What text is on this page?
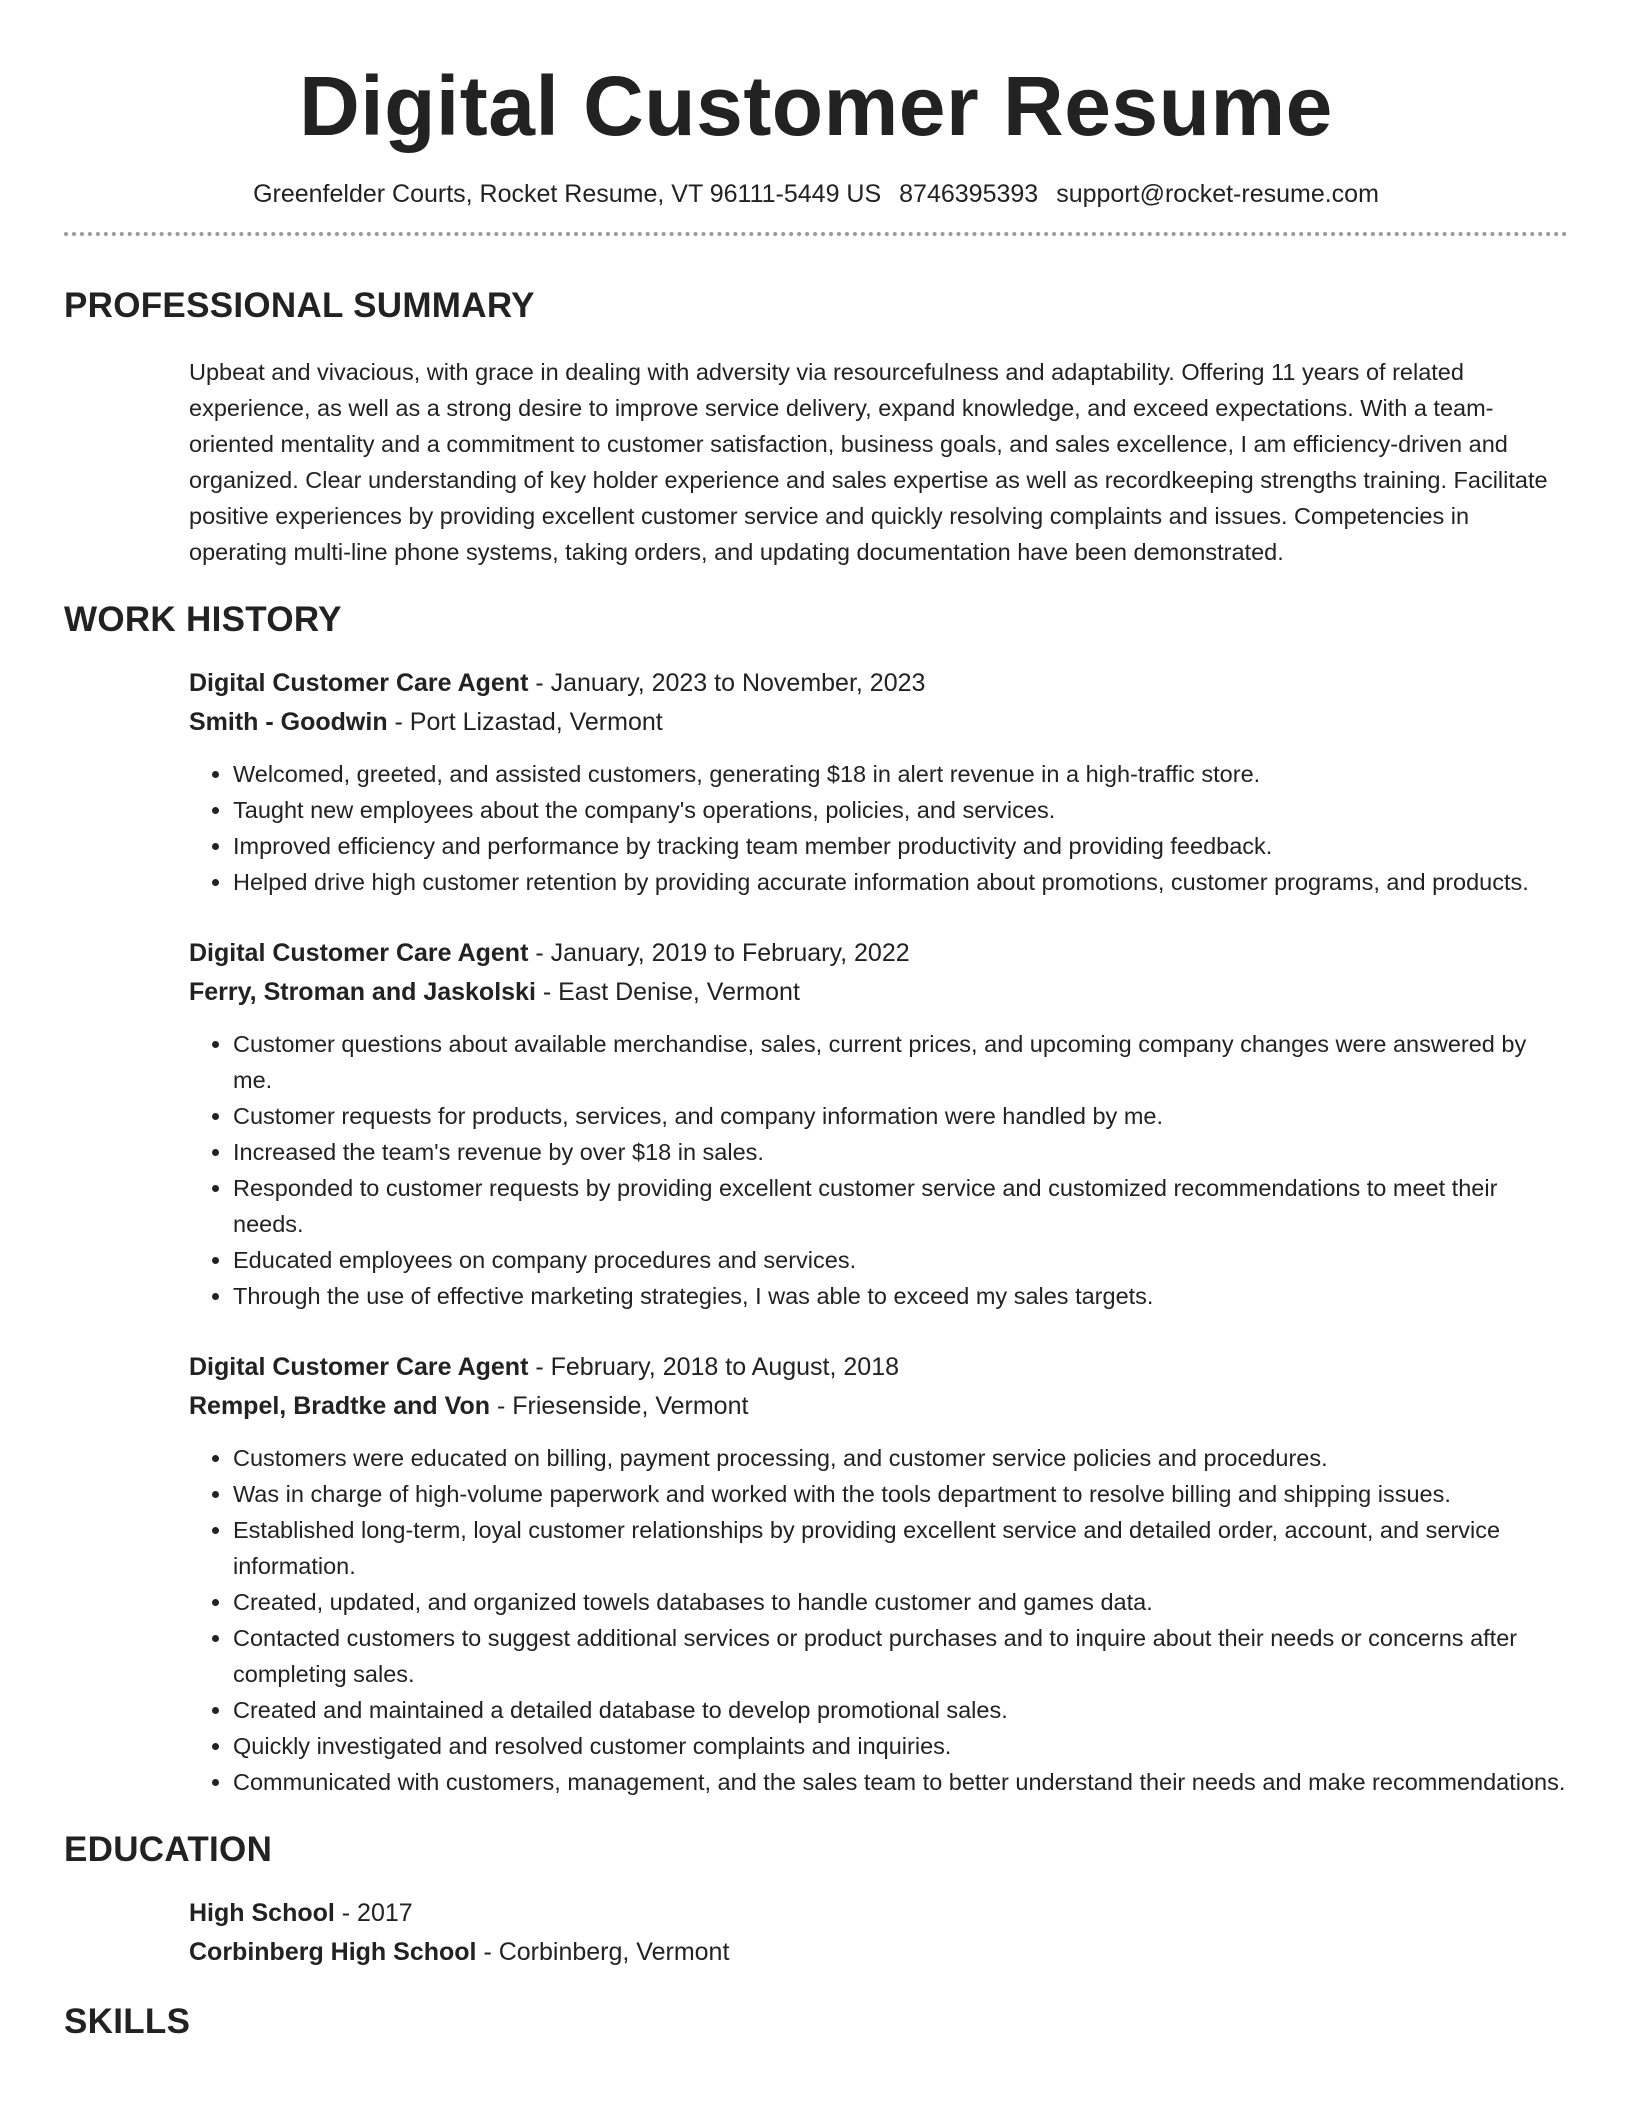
Digital Customer Resume
Greenfelder Courts, Rocket Resume, VT 96111-5449 US 8746395393 support@rocket-resume.com
PROFESSIONAL SUMMARY

Upbeat and vivacious, with grace in dealing with adversity via resourcefulness and adaptability. Offering 11 years of related experience, as well as a strong desire to improve service delivery, expand knowledge, and exceed expectations. With a team-oriented mentality and a commitment to customer satisfaction, business goals, and sales excellence, I am efficiency-driven and organized. Clear understanding of key holder experience and sales expertise as well as recordkeeping strengths training. Facilitate positive experiences by providing excellent customer service and quickly resolving complaints and issues. Competencies in operating multi-line phone systems, taking orders, and updating documentation have been demonstrated.

WORK HISTORY
Digital Customer Care Agent - January, 2023 to November, 2023
Smith - Goodwin - Port Lizastad, Vermont
• Welcomed, greeted, and assisted customers, generating $18 in alert revenue in a high-traffic store.
• Taught new employees about the company's operations, policies, and services.
• Improved efficiency and performance by tracking team member productivity and providing feedback.
• Helped drive high customer retention by providing accurate information about promotions, customer programs, and products.
Digital Customer Care Agent - January, 2019 to February, 2022
Ferry, Stroman and Jaskolski - East Denise, Vermont
• Customer questions about available merchandise, sales, current prices, and upcoming company changes were answered by me.
• Customer requests for products, services, and company information were handled by me.
• Increased the team's revenue by over $18 in sales.
• Responded to customer requests by providing excellent customer service and customized recommendations to meet their needs.
• Educated employees on company procedures and services.
• Through the use of effective marketing strategies, I was able to exceed my sales targets.
Digital Customer Care Agent - February, 2018 to August, 2018
Rempel, Bradtke and Von - Friesenside, Vermont
• Customers were educated on billing, payment processing, and customer service policies and procedures.
• Was in charge of high-volume paperwork and worked with the tools department to resolve billing and shipping issues.
• Established long-term, loyal customer relationships by providing excellent service and detailed order, account, and service information.
• Created, updated, and organized towels databases to handle customer and games data.
• Contacted customers to suggest additional services or product purchases and to inquire about their needs or concerns after completing sales.
• Created and maintained a detailed database to develop promotional sales.
• Quickly investigated and resolved customer complaints and inquiries.
• Communicated with customers, management, and the sales team to better understand their needs and make recommendations.
EDUCATION
High School - 2017
Corbinberg High School - Corbinberg, Vermont
SKILLS
